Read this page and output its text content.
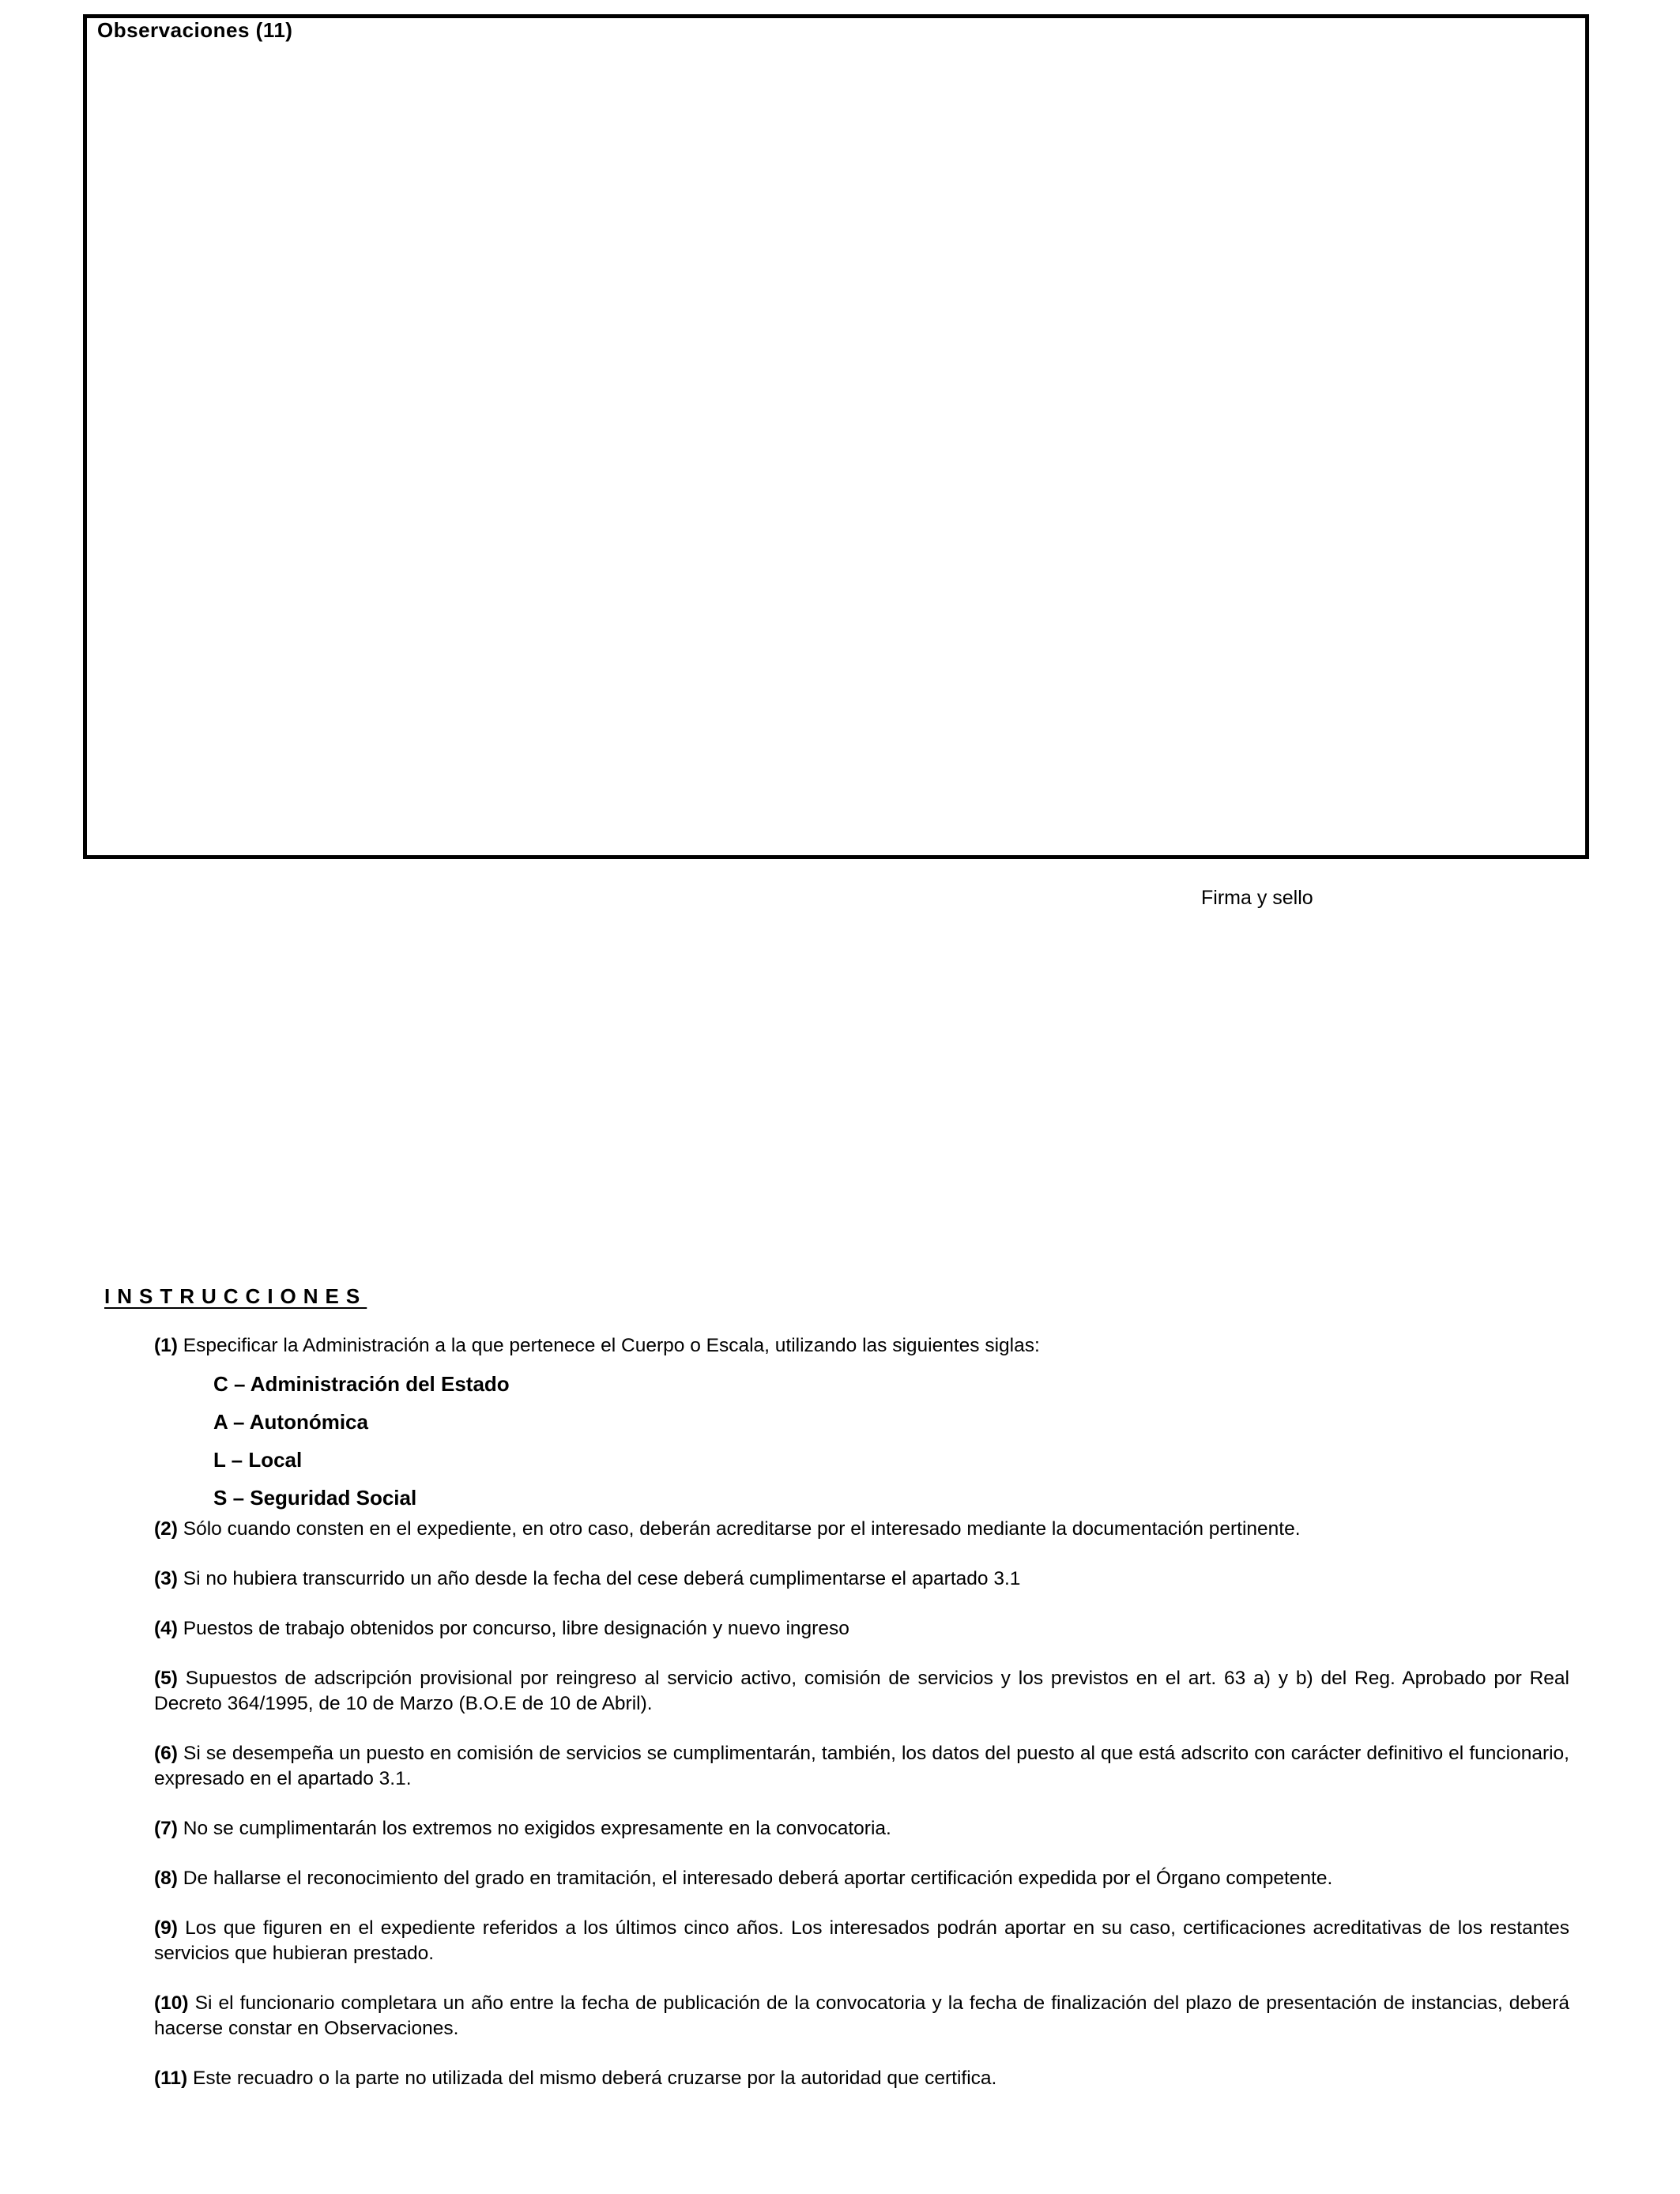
Observaciones (11)
Firma y sello
INSTRUCCIONES

(1) Especificar la Administración a la que pertenece el Cuerpo o Escala, utilizando las siguientes siglas:

C – Administración del Estado

A – Autonómica

L – Local

S – Seguridad Social

(2) Sólo cuando consten en el expediente, en otro caso, deberán acreditarse por el interesado mediante la documentación pertinente.

(3) Si no hubiera transcurrido un año desde la fecha del cese deberá cumplimentarse el apartado 3.1

(4) Puestos de trabajo obtenidos por concurso, libre designación y nuevo ingreso

(5) Supuestos de adscripción provisional por reingreso al servicio activo, comisión de servicios y los previstos en el art. 63 a) y b) del Reg. Aprobado por Real Decreto 364/1995, de 10 de Marzo (B.O.E de 10 de Abril).

(6) Si se desempeña un puesto en comisión de servicios se cumplimentarán, también, los datos del puesto al que está adscrito con carácter definitivo el funcionario, expresado en el apartado 3.1.

(7) No se cumplimentarán los extremos no exigidos expresamente en la convocatoria.

(8) De hallarse el reconocimiento del grado en tramitación, el interesado deberá aportar certificación expedida por el Órgano competente.

(9) Los que figuren en el expediente referidos a los últimos cinco años. Los interesados podrán aportar en su caso, certificaciones acreditativas de los restantes servicios que hubieran prestado.

(10) Si el funcionario completara un año entre la fecha de publicación de la convocatoria y la fecha de finalización del plazo de presentación de instancias, deberá hacerse constar en Observaciones.

(11) Este recuadro o la parte no utilizada del mismo deberá cruzarse por la autoridad que certifica.
